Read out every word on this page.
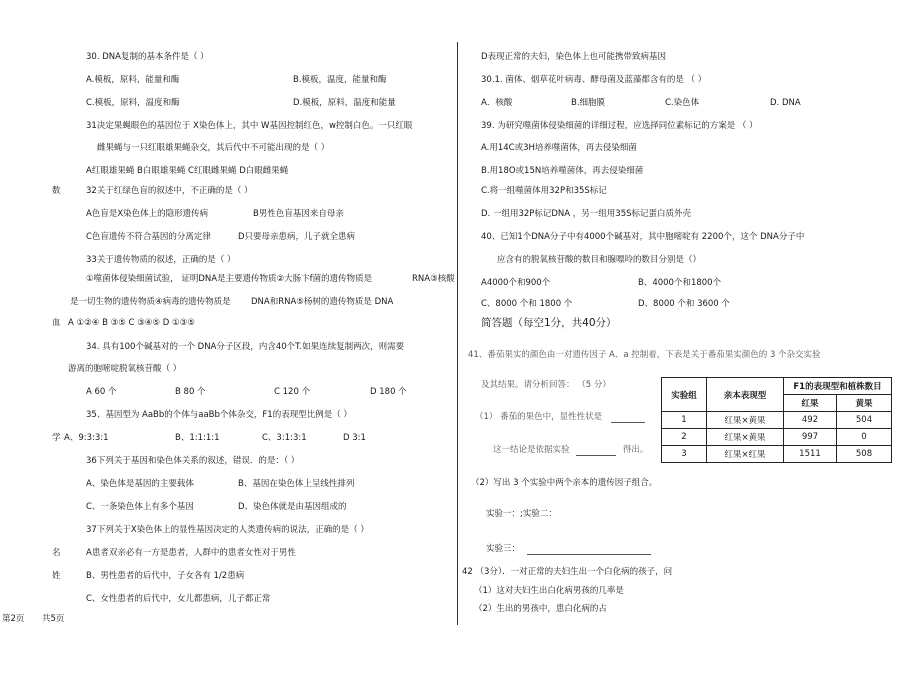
30. DNA复制的基本条件是（ ）
A.模板，原料，能量和酶	B.模板，温度，能量和酶
C.模板，原料，温度和酶	D.模板，原料，温度和能量
31决定果蝇眼色的基因位于 X染色体上，其中 W基因控制红色，w控制白色。一只红眼
雌果蝇与一只红眼雄果蝇杂交，其后代中不可能出现的是（ ）
A红眼雄果蝇 B白眼雄果蝇 C红眼雌果蝇 D白眼雌果蝇
数	32关于红绿色盲的叙述中，不正确的是（ ）
A色盲是X染色体上的隐形遗传病	B男性色盲基因来自母亲
C色盲遗传不符合基因的分离定律	D只要母亲患病，儿子就全患病
33关于遗传物质的叙述，正确的是（ ）
①噬菌体侵染细菌试验， 证明DNA是主要遗传物质②大肠卞f菌的遗传物质是	RNA③核酸
是一切生物的遗传物质④病毒的遗传物质是 DNA和RNA⑤杨树的遗传物质是 DNA
血 A ①②④ B ③⑤ C ③④⑤ D ①③⑤
34. 具有100个碱基对的一个 DNA分子区段，内含40个T.如果连续复制两次，则需要
游离的胞嘧啶脱氧核苷酸（ ）
A 60 个	B 80 个	C 120 个	D 180 个
35、基因型为 AaBb的个体与aaBb个体杂交，F1的表现型比例是（ ）
学 A、9:3:3:1	B、1:1:1:1	C、3:1:3:1	D 3:1
36下列关于基因和染色体关系的叙述，错误．的是：（ ）
A、染色体是基因的主要载体	B、基因在染色体上呈线性排列
C、一条染色体上有多个基因	D、染色体就是由基因组成的
37下列关于X染色体上的显性基因决定的人类遗传病的说法，正确的是（ ）
名	A患者双亲必有一方是患者，人群中的患者女性对于男性
姓	B、男性患者的后代中，子女各有 1/2患病
C、女性患者的后代中，女儿都患病，儿子都正常
第2页 共5页
D表现正常的夫妇，染色体上也可能携带致病基因
30.1. 菌体、烟草花叶病毒、酵母菌及蓝藻都含有的是 （ ）
A．核酸	B.细胞膜	C.染色体	D. DNA
39. 为研究噬菌体侵染细菌的详细过程，应选择同位素标记的方案是 （ ）
A.用14C或3H培养噬菌体，再去侵染细菌
B.用18O或15N培养噬菌体，再去侵染细菌
C.将一组噬菌体用32P和35S标记
D. 一组用32P标记DNA ，另一组用35S标记蛋白质外壳
40、已知1个DNA分子中有4000个碱基对，其中胞嘧啶有 2200个，这个 DNA分子中
应含有的脱氧核苷酸的数目和腺嘌呤的数目分别是（）
A4000个和900个	B、4000个和1800个
C、8000 个和 1800 个	D、8000 个和 3600 个
简答题（每空1分，共40分）
41、番茄果实的颜色由一对遗传因子 A、a 控制着，下表是关于番茄果实颜色的 3 个杂交实验
及其结果。请分析回答： （5 分）
（1） 番茄的果色中，显性性状是
这一结论是依据实验	得出。
（2）写出 3 个实验中两个亲本的遗传因子组合。
实验一：;实验二：
实验三：
实验组	亲本表现型	F1的表现型和植株数目	
		红果	黄果
1	红果×黄果	492	504
2	红果×黄果	997	0
3	红果×红果	1511	508
42 （3分）．一对正常的夫妇生出一个白化病的孩子，问
（1）这对夫妇生出白化病男孩的几率是
（2）生出的男孩中，患白化病的占
